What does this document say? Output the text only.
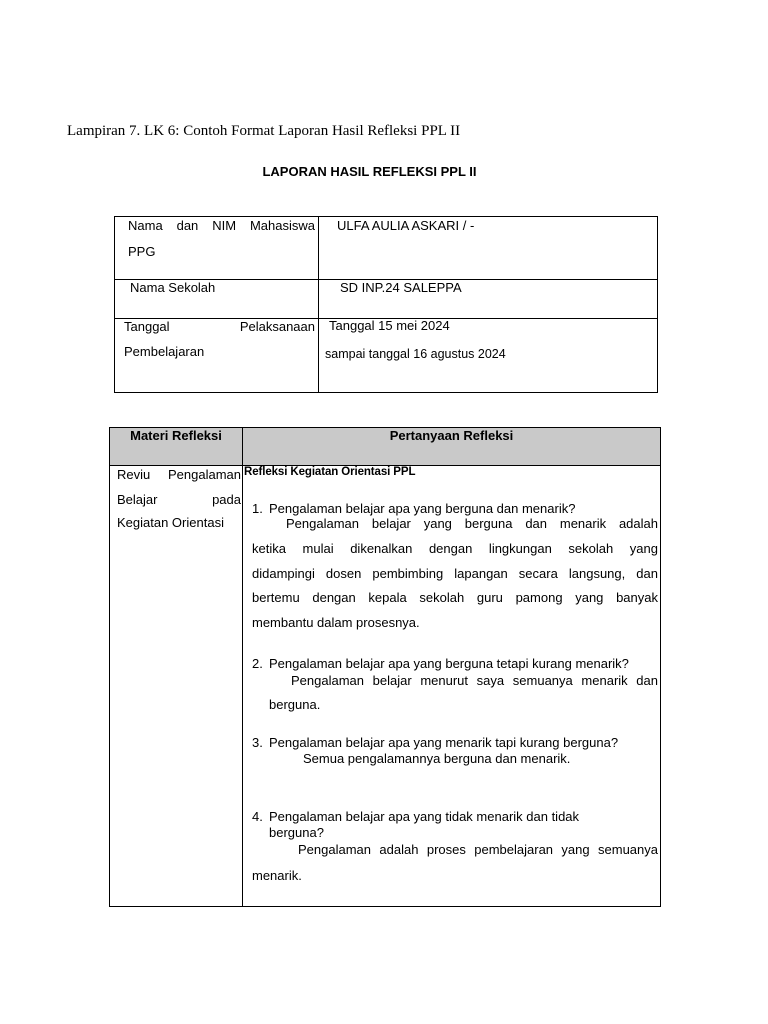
Lampiran 7. LK 6: Contoh Format Laporan Hasil Refleksi PPL II
LAPORAN HASIL REFLEKSI PPL II
Nama dan NIM Mahasiswa
PPG
ULFA AULIA ASKARI / -
Nama Sekolah	SD INP.24 SALEPPA
Tanggal Pelaksanaan
Pembelajaran
Tanggal 15 mei 2024
sampai tanggal 16 agustus 2024
Materi Refleksi	Pertanyaan Refleksi
Reviu Pengalaman
Belajar pada
Kegiatan Orientasi
Refleksi Kegiatan Orientasi PPL
1. Pengalaman belajar apa yang berguna dan menarik?
Pengalaman belajar yang berguna dan menarik adalah
ketika mulai dikenalkan dengan lingkungan sekolah yang
didampingi dosen pembimbing lapangan secara langsung, dan
bertemu dengan kepala sekolah guru pamong yang banyak
membantu dalam prosesnya.
2. Pengalaman belajar apa yang berguna tetapi kurang menarik?
Pengalaman belajar menurut saya semuanya menarik dan
berguna.
3. Pengalaman belajar apa yang menarik tapi kurang berguna?
Semua pengalamannya berguna dan menarik.
4. Pengalaman belajar apa yang tidak menarik dan tidak
berguna?
Pengalaman adalah proses pembelajaran yang semuanya
menarik.
